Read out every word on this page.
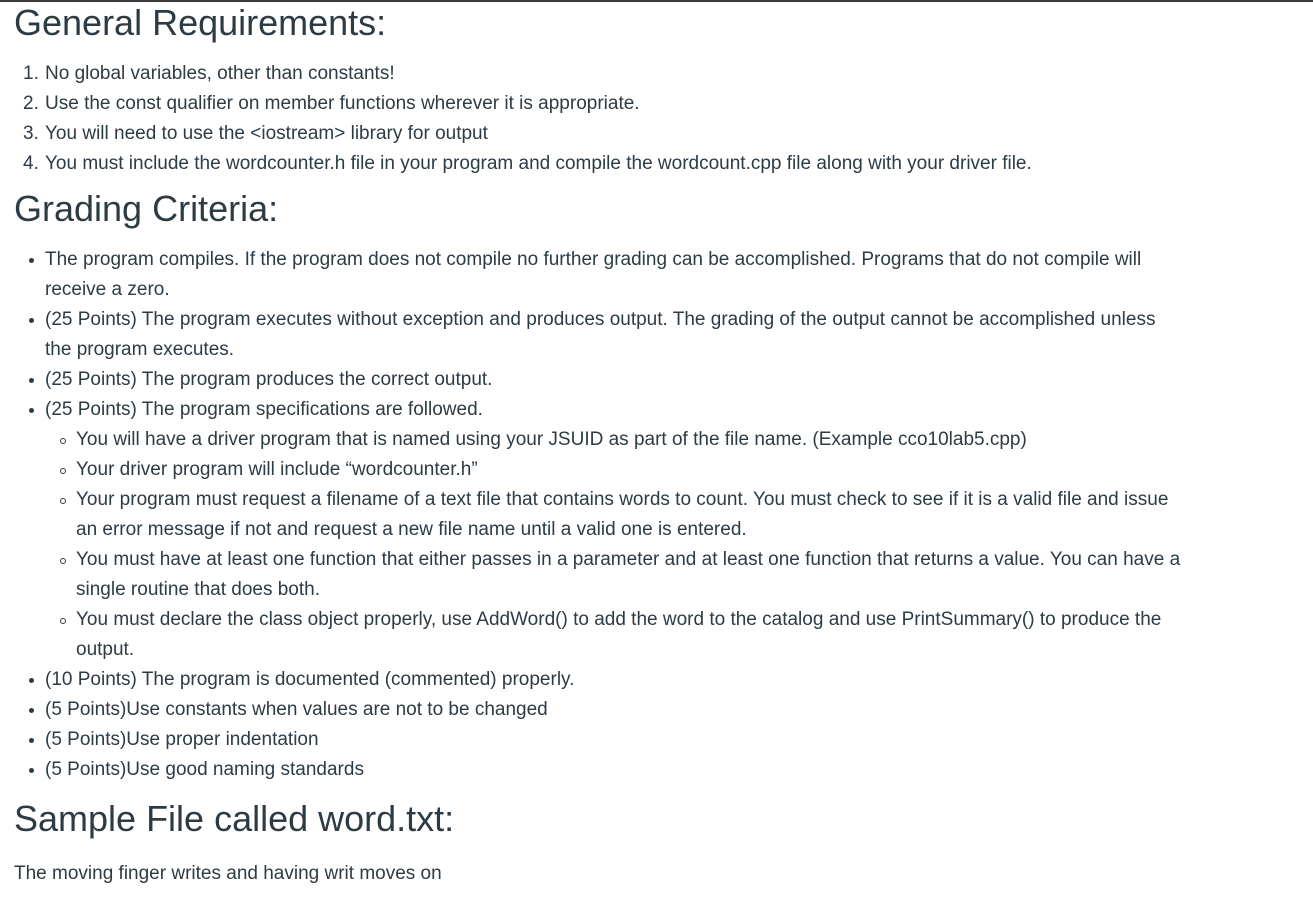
General Requirements:
1. No global variables, other than constants!
2. Use the const qualifier on member functions wherever it is appropriate.
3. You will need to use the <iostream> library for output
4. You must include the wordcounter.h file in your program and compile the wordcount.cpp file along with your driver file.
Grading Criteria:
The program compiles. If the program does not compile no further grading can be accomplished. Programs that do not compile will receive a zero.
(25 Points) The program executes without exception and produces output. The grading of the output cannot be accomplished unless the program executes.
(25 Points) The program produces the correct output.
(25 Points) The program specifications are followed.
You will have a driver program that is named using your JSUID as part of the file name. (Example cco10lab5.cpp)
Your driver program will include “wordcounter.h”
Your program must request a filename of a text file that contains words to count. You must check to see if it is a valid file and issue an error message if not and request a new file name until a valid one is entered.
You must have at least one function that either passes in a parameter and at least one function that returns a value. You can have a single routine that does both.
You must declare the class object properly, use AddWord() to add the word to the catalog and use PrintSummary() to produce the output.
(10 Points) The program is documented (commented) properly.
(5 Points)Use constants when values are not to be changed
(5 Points)Use proper indentation
(5 Points)Use good naming standards
Sample File called word.txt:

The moving finger writes and having writ moves on
